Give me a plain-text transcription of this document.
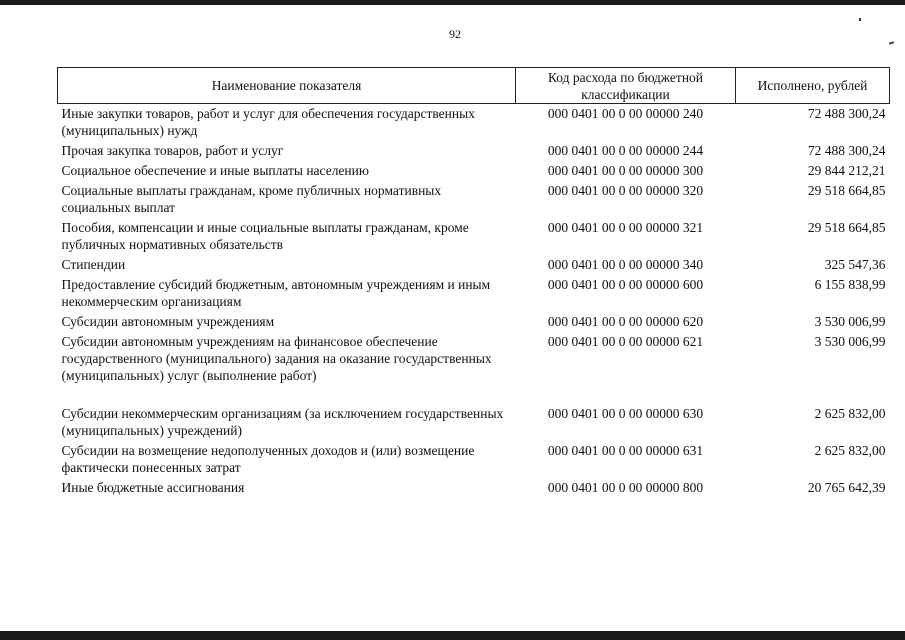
92
Наименование показателя	Код расхода по бюджетной классификации	Исполнено, рублей
Иные закупки товаров, работ и услуг для обеспечения государственных (муниципальных) нужд	000 0401 00 0 00 00000 240	72 488 300,24
Прочая закупка товаров, работ и услуг	000 0401 00 0 00 00000 244	72 488 300,24
Социальное обеспечение и иные выплаты населению	000 0401 00 0 00 00000 300	29 844 212,21
Социальные выплаты гражданам, кроме публичных нормативных социальных выплат	000 0401 00 0 00 00000 320	29 518 664,85
Пособия, компенсации и иные социальные выплаты гражданам, кроме публичных нормативных обязательств	000 0401 00 0 00 00000 321	29 518 664,85
Стипендии	000 0401 00 0 00 00000 340	325 547,36
Предоставление субсидий бюджетным, автономным учреждениям и иным некоммерческим организациям	000 0401 00 0 00 00000 600	6 155 838,99
Субсидии автономным учреждениям	000 0401 00 0 00 00000 620	3 530 006,99
Субсидии автономным учреждениям на финансовое обеспечение государственного (муниципального) задания на оказание государственных (муниципальных) услуг (выполнение работ)	000 0401 00 0 00 00000 621	3 530 006,99
Субсидии некоммерческим организациям (за исключением государственных (муниципальных) учреждений)	000 0401 00 0 00 00000 630	2 625 832,00
Субсидии на возмещение недополученных доходов и (или) возмещение фактически понесенных затрат	000 0401 00 0 00 00000 631	2 625 832,00
Иные бюджетные ассигнования	000 0401 00 0 00 00000 800	20 765 642,39
